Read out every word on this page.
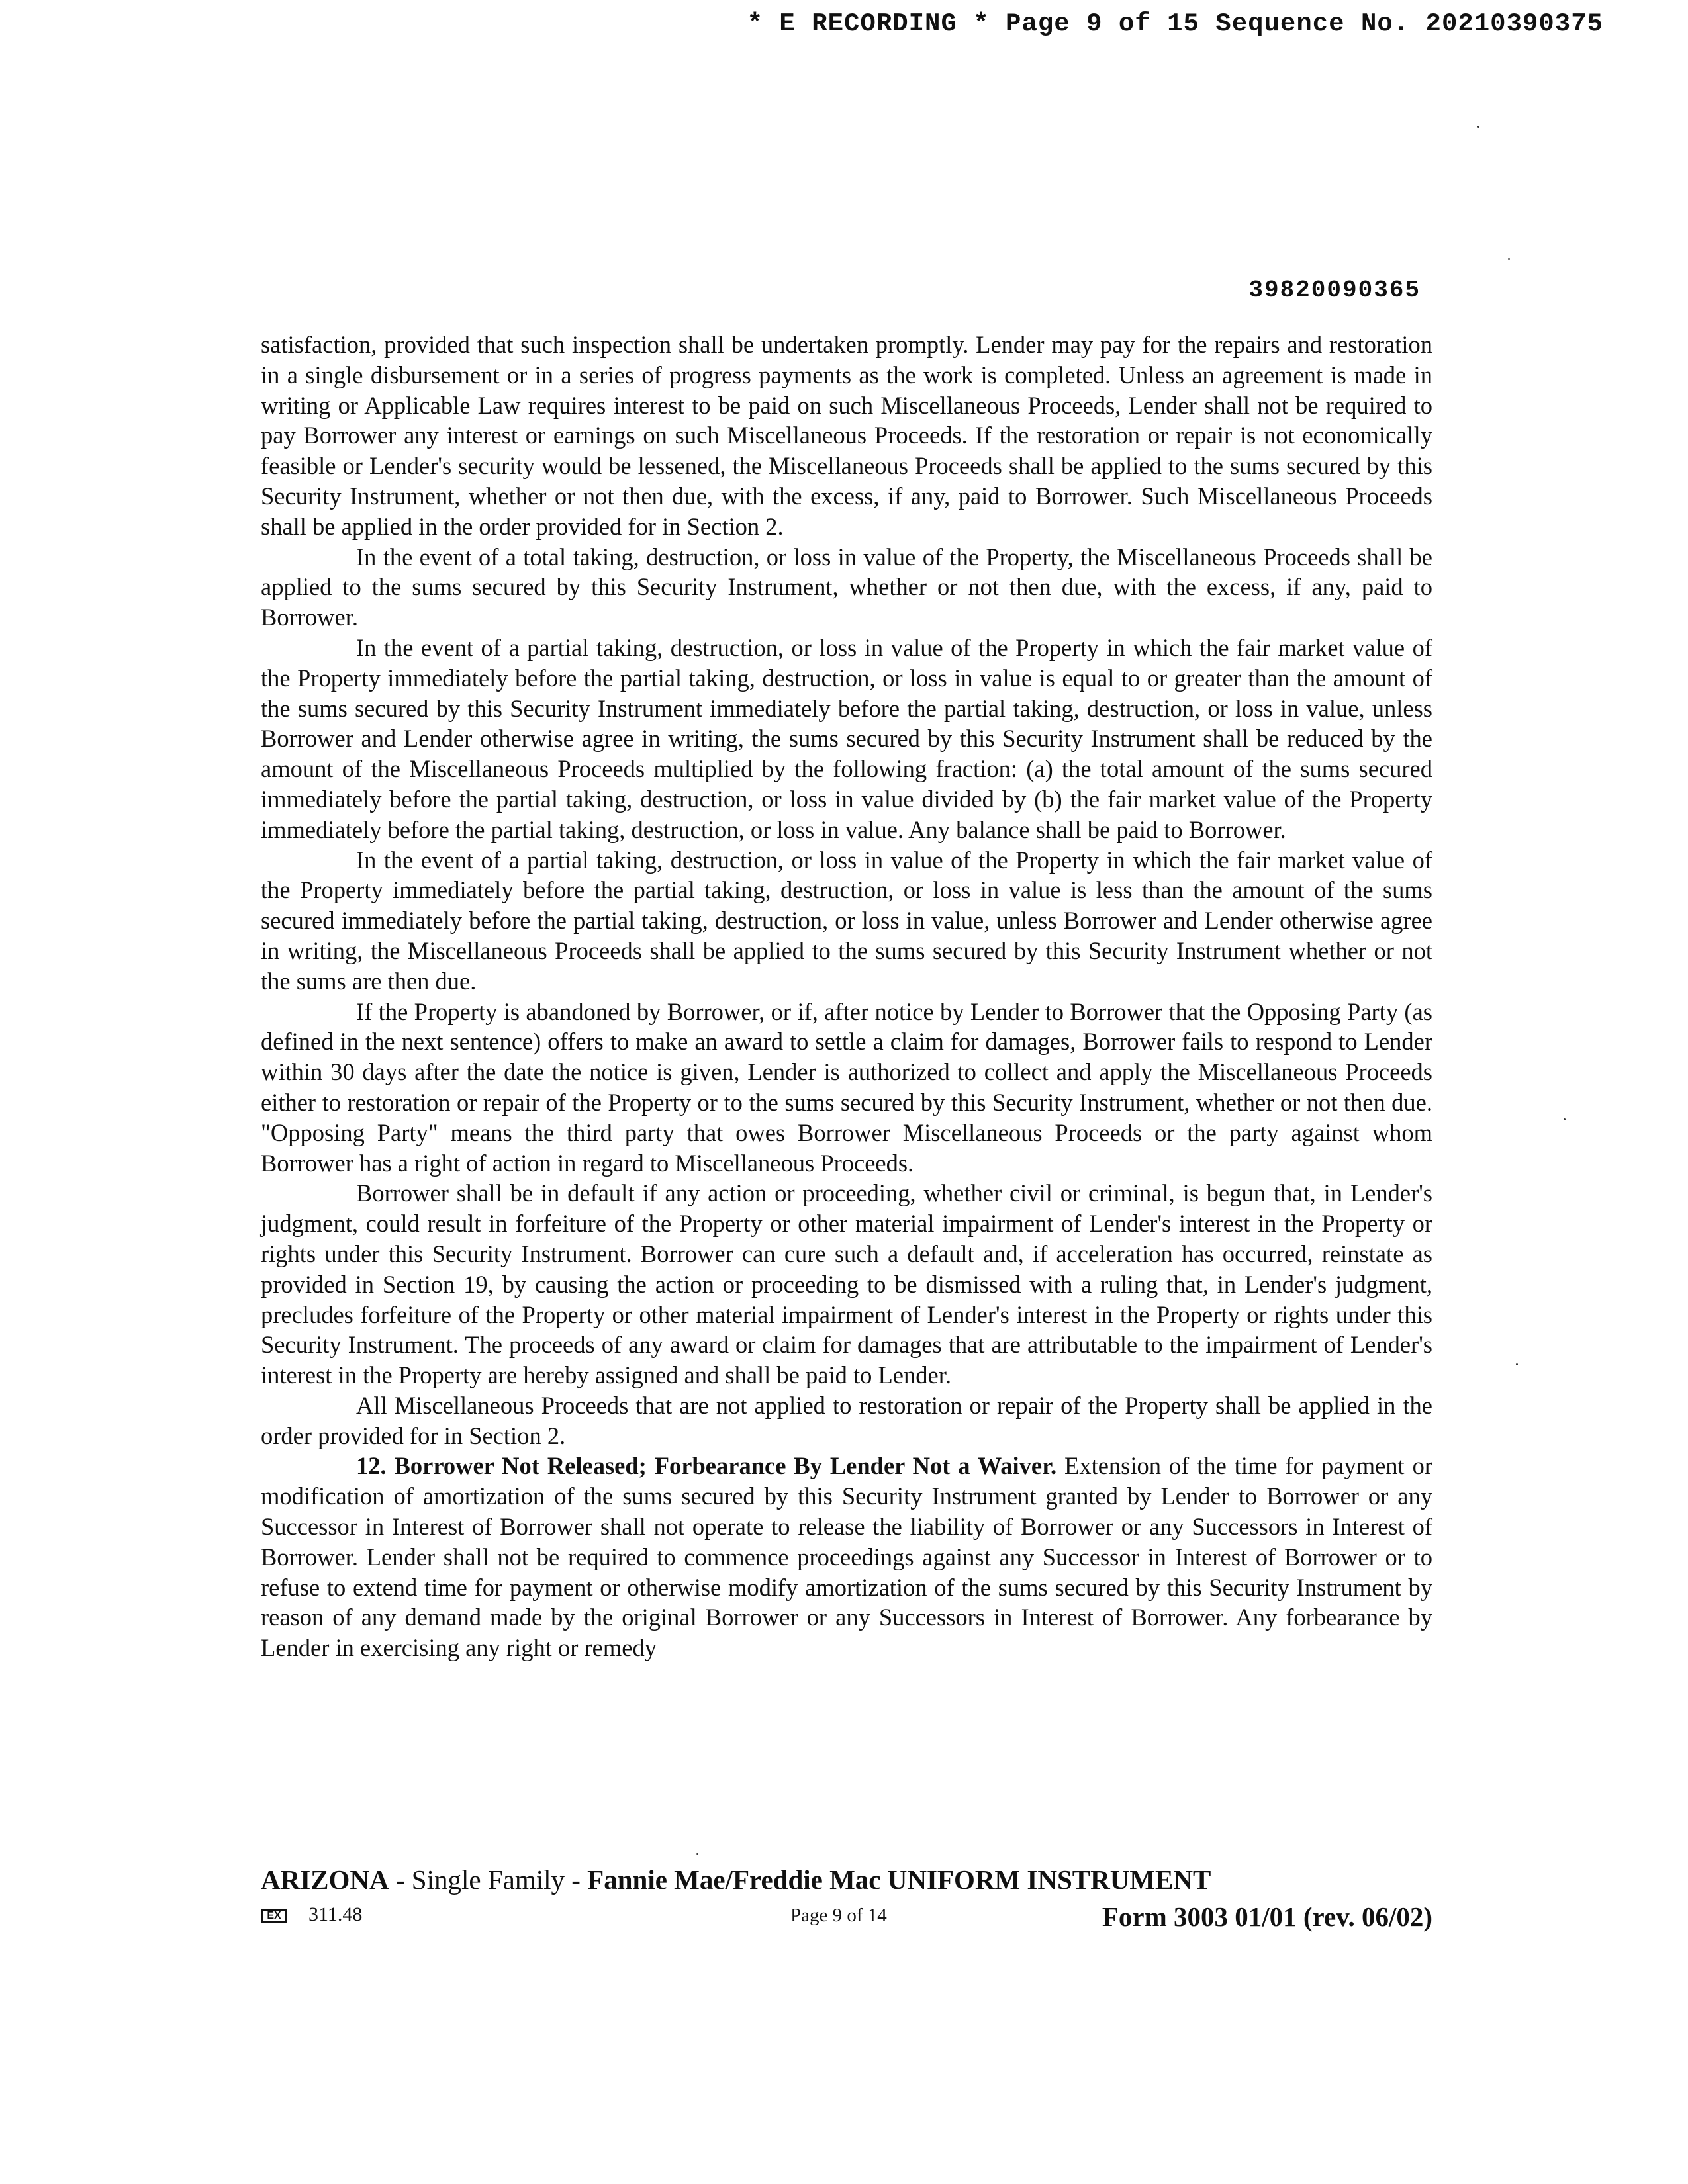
* E RECORDING * Page 9 of 15 Sequence No. 20210390375
39820090365

satisfaction, provided that such inspection shall be undertaken promptly. Lender may pay for the repairs and restoration in a single disbursement or in a series of progress payments as the work is completed. Unless an agreement is made in writing or Applicable Law requires interest to be paid on such Miscellaneous Proceeds, Lender shall not be required to pay Borrower any interest or earnings on such Miscellaneous Proceeds. If the restoration or repair is not economically feasible or Lender's security would be lessened, the Miscellaneous Proceeds shall be applied to the sums secured by this Security Instrument, whether or not then due, with the excess, if any, paid to Borrower. Such Miscellaneous Proceeds shall be applied in the order provided for in Section 2.

In the event of a total taking, destruction, or loss in value of the Property, the Miscellaneous Proceeds shall be applied to the sums secured by this Security Instrument, whether or not then due, with the excess, if any, paid to Borrower.

In the event of a partial taking, destruction, or loss in value of the Property in which the fair market value of the Property immediately before the partial taking, destruction, or loss in value is equal to or greater than the amount of the sums secured by this Security Instrument immediately before the partial taking, destruction, or loss in value, unless Borrower and Lender otherwise agree in writing, the sums secured by this Security Instrument shall be reduced by the amount of the Miscellaneous Proceeds multiplied by the following fraction: (a) the total amount of the sums secured immediately before the partial taking, destruction, or loss in value divided by (b) the fair market value of the Property immediately before the partial taking, destruction, or loss in value. Any balance shall be paid to Borrower.

In the event of a partial taking, destruction, or loss in value of the Property in which the fair market value of the Property immediately before the partial taking, destruction, or loss in value is less than the amount of the sums secured immediately before the partial taking, destruction, or loss in value, unless Borrower and Lender otherwise agree in writing, the Miscellaneous Proceeds shall be applied to the sums secured by this Security Instrument whether or not the sums are then due.

If the Property is abandoned by Borrower, or if, after notice by Lender to Borrower that the Opposing Party (as defined in the next sentence) offers to make an award to settle a claim for damages, Borrower fails to respond to Lender within 30 days after the date the notice is given, Lender is authorized to collect and apply the Miscellaneous Proceeds either to restoration or repair of the Property or to the sums secured by this Security Instrument, whether or not then due. "Opposing Party" means the third party that owes Borrower Miscellaneous Proceeds or the party against whom Borrower has a right of action in regard to Miscellaneous Proceeds.

Borrower shall be in default if any action or proceeding, whether civil or criminal, is begun that, in Lender's judgment, could result in forfeiture of the Property or other material impairment of Lender's interest in the Property or rights under this Security Instrument. Borrower can cure such a default and, if acceleration has occurred, reinstate as provided in Section 19, by causing the action or proceeding to be dismissed with a ruling that, in Lender's judgment, precludes forfeiture of the Property or other material impairment of Lender's interest in the Property or rights under this Security Instrument. The proceeds of any award or claim for damages that are attributable to the impairment of Lender's interest in the Property are hereby assigned and shall be paid to Lender.

All Miscellaneous Proceeds that are not applied to restoration or repair of the Property shall be applied in the order provided for in Section 2.

12. Borrower Not Released; Forbearance By Lender Not a Waiver. Extension of the time for payment or modification of amortization of the sums secured by this Security Instrument granted by Lender to Borrower or any Successor in Interest of Borrower shall not operate to release the liability of Borrower or any Successors in Interest of Borrower. Lender shall not be required to commence proceedings against any Successor in Interest of Borrower or to refuse to extend time for payment or otherwise modify amortization of the sums secured by this Security Instrument by reason of any demand made by the original Borrower or any Successors in Interest of Borrower. Any forbearance by Lender in exercising any right or remedy

ARIZONA - Single Family - Fannie Mae/Freddie Mac UNIFORM INSTRUMENT
EX	311.48	Page 9 of 14	Form 3003 01/01 (rev. 06/02)
